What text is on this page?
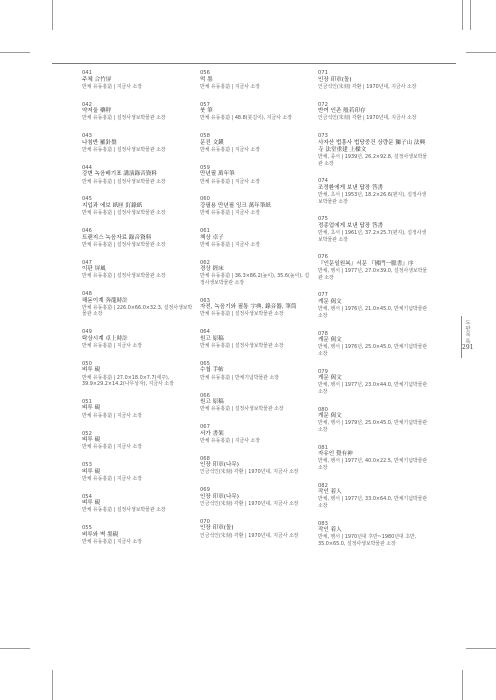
041
주체 合竹屏
반체 유동홍造 | 지금사 소장
042
약저울 藥秤
반체 유동홍造 | 설정사생보박물관 소장
043
나침반 羅針盤
반체 유동홍造 | 설정사생보박물관 소장
044
강변 녹음배기표 講演錄音資料
반체 유동홍造 | 설정사생보박물관 소장
045
지입과 에보 紙匣 釘錄紙
반체 유동홍造 | 설정사생보박물관 소장
046
트랜지스 녹음자료 錄音資料
반체 유동홍造 | 설정사생보박물관 소장
047
이판 屏風
반체 유동홍造 | 설정사생보박물관 소장
048
해돋이계 奔龍時計
반체 유동홍造 | 226.0×66.0×32.3, 설정사생보박물관 소장
049
탁상시계 卓上時計
반체 유동홍造 | 지금사 소장
050
벼루 硯
반체 유동홍造 | 27.0×18.0×7.7(세주), 39.9×29.2×14.2(나무상자), 지금사 소장
051
벼루 硯
반체 유동홍造 | 지금사 소장
052
벼루 硯
반체 유동홍造 | 지금사 소장
053
벼루 硯
반체 유동홍造 | 지금사 소장
054
벼루 硯
반체 유동홍造 | 설정사생보박물관 소장
055
벼루와 벽 墨硯
반체 유동홍造 | 지금사 소장
056
먹 墨
반체 유동홍造 | 지금사 소장
057
붓 筆
반체 유동홍造 | 48.8(붓길이), 지금사 소장
058
문진 文鎭
반체 유동홍造 | 지금사 소장
059
만년필 萬年筆
반체 유동홍造 | 지금사 소장
060
강필용 만년필 잉크 萬年筆紙
반체 유동홍造 | 지금사 소장
061
책상 卓子
반체 유동홍造 | 지금사 소장
062
경상 經床
반체 유동홍造 | 36.3×86.2(높이), 35.6(높이), 설정사생보박물관 소장
063
자전, 녹음기와 필통 字典, 錄音器, 筆筒
반체 유동홍造 | 설정사생보박물관 소장
064
원고 原稿
반체 유동홍造 | 설정사생보박물관 소장
065
수첩 手帖
반체 유동홍造 | 반체기념박물관 소장
066
원고 原稿
반체 유동홍造 | 설정사생보박물관 소장
067
서가 書架
반체 유동홍造 | 지금사 소장
068
인장 印章(나무)
인금석인(朱刻) 각환 | 1970년대, 지금사 소장
069
인장 印章(나무)
인금석인(朱刻) 각환 | 1970년대, 지금사 소장
070
인장 印章(돌)
인금석인(朱刻) 각환 | 1970년대, 지금사 소장
071
인장 印章(돌)
인금석인(朱刻) 각환 | 1970년대, 지금사 소장
072
반여 인존 般若印存
인금석인(朱刻) 각환 | 1970년대, 지금사 소장
073
사자산 법흥사 법당중건 상량문 獅子山 法興寺 法堂重建 上樑文
반체, 종서 | 1939년, 26.2×92.8, 설정사생보박물관 소장
074
조정환에게 보낸 답장 答書
반체, 초서 | 1953년, 18.2×26.6(편지), 설정사생보박물관 소장
075
정종업에게 보낸 답장 答書
반체, 초서 | 1961년, 37.2×25.7(편지), 설정사생보박물관 소장
076
『인문일원복』서문 『佛門一脈書』序
반체, 행서 | 1977년, 27.0×39.0, 설정사생보박물관 소장
077
게문 偈文
반체, 행서 | 1976년, 21.0×45.0, 반체기념박물관 소장
078
게문 偈文
반체, 행서 | 1976년, 25.0×45.0, 반체기념박물관 소장
079
게문 偈文
반체, 행서 | 1977년, 23.0×44.0, 반체기념박물관 소장
080
게문 偈文
반체, 행서 | 1979년, 25.0×45.0, 반체기념박물관 소장
081
자유인 覺有神
반체, 행서 | 1977년, 40.0×22.5, 반체기념박물관 소장
082
작인 着人
반체, 행서 | 1977년, 33.0×64.0, 반체기념박물관 소장
083
작인 着人
반체, 행서 | 1970년대 후반~1980년대 초반, 35.0×65.0, 설정사생보박물관 소장
도판목록
291
